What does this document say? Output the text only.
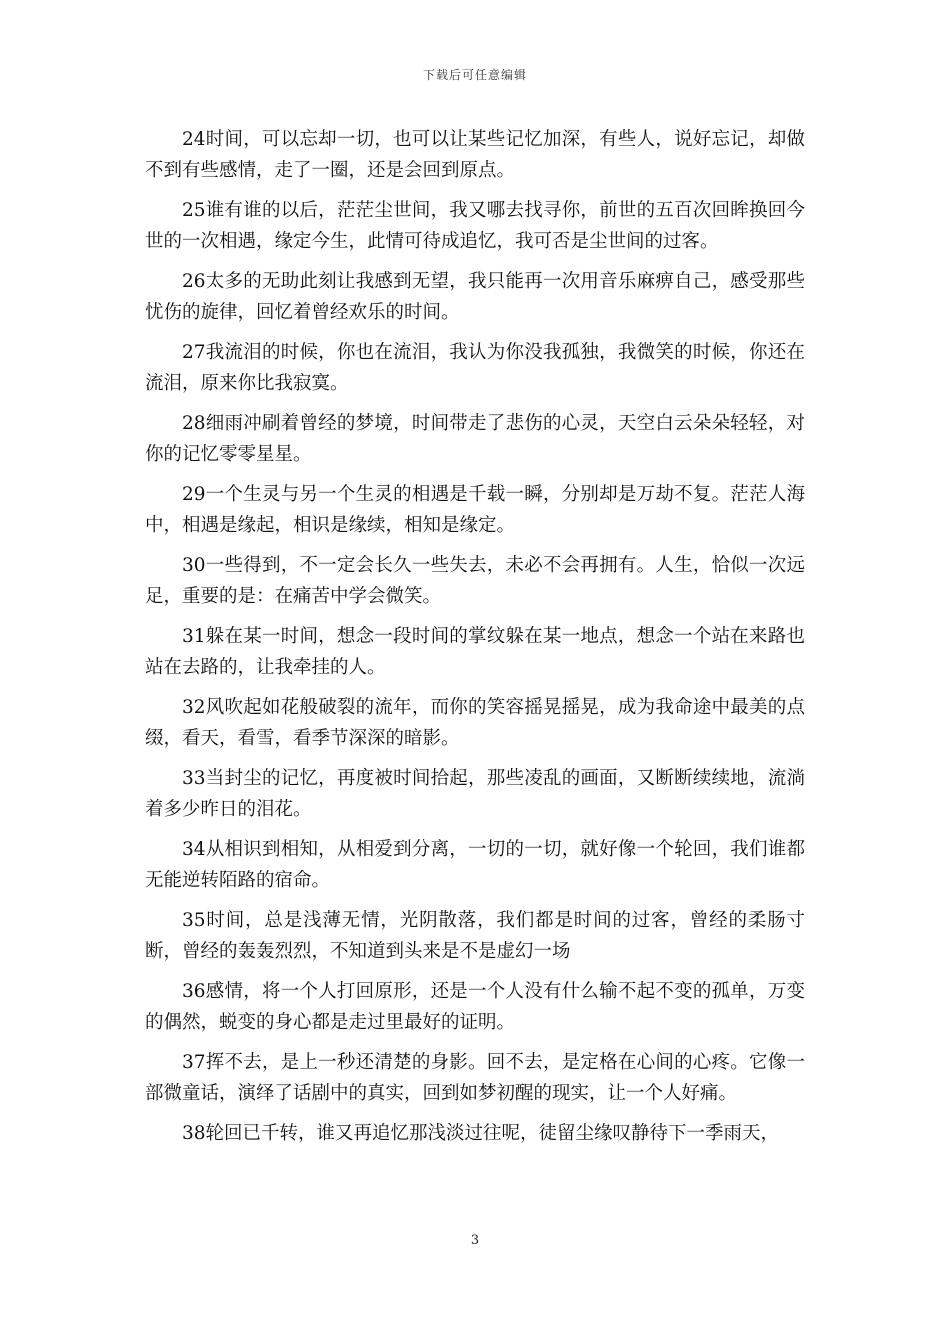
下载后可任意编辑

24时间，可以忘却一切，也可以让某些记忆加深，有些人，说好忘记，却做不到有些感情，走了一圈，还是会回到原点。

25谁有谁的以后，茫茫尘世间，我又哪去找寻你，前世的五百次回眸换回今世的一次相遇，缘定今生，此情可待成追忆，我可否是尘世间的过客。

26太多的无助此刻让我感到无望，我只能再一次用音乐麻痹自己，感受那些忧伤的旋律，回忆着曾经欢乐的时间。

27我流泪的时候，你也在流泪，我认为你没我孤独，我微笑的时候，你还在流泪，原来你比我寂寞。

28细雨冲刷着曾经的梦境，时间带走了悲伤的心灵，天空白云朵朵轻轻，对你的记忆零零星星。

29一个生灵与另一个生灵的相遇是千载一瞬，分别却是万劫不复。茫茫人海中，相遇是缘起，相识是缘续，相知是缘定。

30一些得到，不一定会长久一些失去，未必不会再拥有。人生，恰似一次远足，重要的是：在痛苦中学会微笑。

31躲在某一时间，想念一段时间的掌纹躲在某一地点，想念一个站在来路也站在去路的，让我牵挂的人。

32风吹起如花般破裂的流年，而你的笑容摇晃摇晃，成为我命途中最美的点缀，看天，看雪，看季节深深的暗影。

33当封尘的记忆，再度被时间拾起，那些凌乱的画面，又断断续续地，流淌着多少昨日的泪花。

34从相识到相知，从相爱到分离，一切的一切，就好像一个轮回，我们谁都无能逆转陌路的宿命。

35时间，总是浅薄无情，光阴散落，我们都是时间的过客，曾经的柔肠寸断，曾经的轰轰烈烈，不知道到头来是不是虚幻一场

36感情，将一个人打回原形，还是一个人没有什么输不起不变的孤单，万变的偶然，蜕变的身心都是走过里最好的证明。

37挥不去，是上一秒还清楚的身影。回不去，是定格在心间的心疼。它像一部微童话，演绎了话剧中的真实，回到如梦初醒的现实，让一个人好痛。

38轮回已千转，谁又再追忆那浅淡过往呢，徒留尘缘叹静待下一季雨天，

3
